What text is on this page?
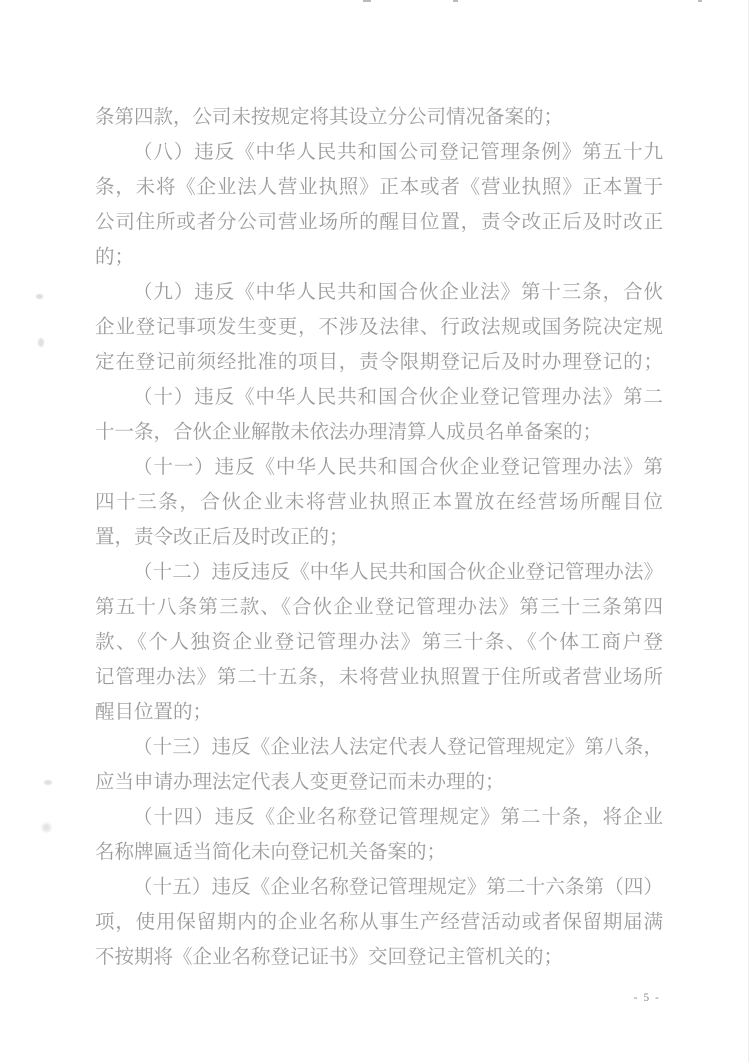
条第四款，公司未按规定将其设立分公司情况备案的；
（八）违反《中华人民共和国公司登记管理条例》第五十九
条，未将《企业法人营业执照》正本或者《营业执照》正本置于
公司住所或者分公司营业场所的醒目位置，责令改正后及时改正
的；
（九）违反《中华人民共和国合伙企业法》第十三条，合伙
企业登记事项发生变更，不涉及法律、行政法规或国务院决定规
定在登记前须经批准的项目，责令限期登记后及时办理登记的；
（十）违反《中华人民共和国合伙企业登记管理办法》第二
十一条，合伙企业解散未依法办理清算人成员名单备案的；
（十一）违反《中华人民共和国合伙企业登记管理办法》第
四十三条，合伙企业未将营业执照正本置放在经营场所醒目位
置，责令改正后及时改正的；
（十二）违反违反《中华人民共和国合伙企业登记管理办法》
第五十八条第三款、《合伙企业登记管理办法》第三十三条第四
款、《个人独资企业登记管理办法》第三十条、《个体工商户登
记管理办法》第二十五条，未将营业执照置于住所或者营业场所
醒目位置的；
（十三）违反《企业法人法定代表人登记管理规定》第八条，
应当申请办理法定代表人变更登记而未办理的；
（十四）违反《企业名称登记管理规定》第二十条，将企业
名称牌匾适当简化未向登记机关备案的；
（十五）违反《企业名称登记管理规定》第二十六条第（四）
项，使用保留期内的企业名称从事生产经营活动或者保留期届满
不按期将《企业名称登记证书》交回登记主管机关的；
- 5 -
